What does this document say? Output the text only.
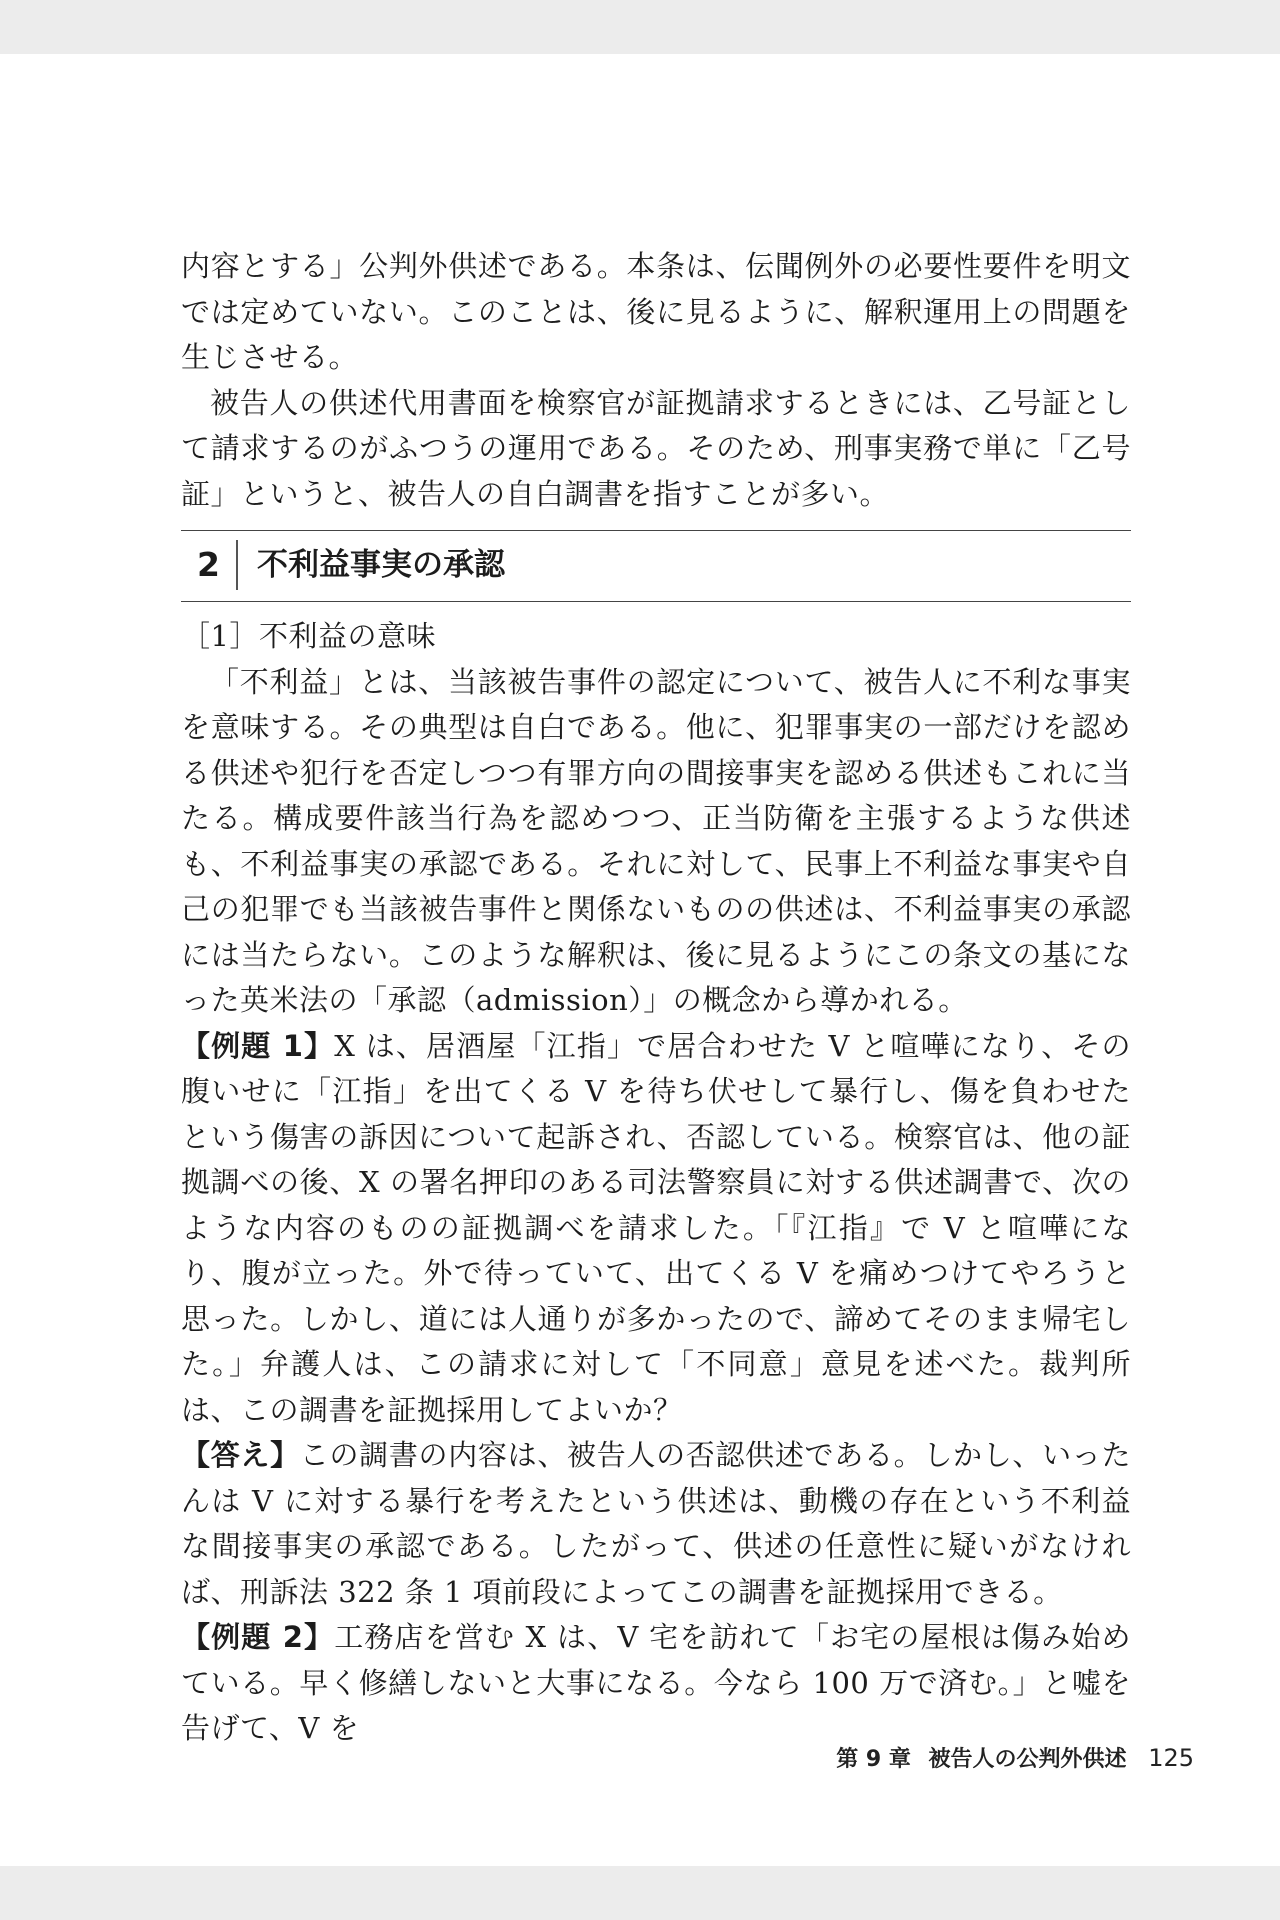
内容とする」公判外供述である。本条は、伝聞例外の必要性要件を明文では定めていない。このことは、後に見るように、解釈運用上の問題を生じさせる。

被告人の供述代用書面を検察官が証拠請求するときには、乙号証として請求するのがふつうの運用である。そのため、刑事実務で単に「乙号証」というと、被告人の自白調書を指すことが多い。

2	不利益事実の承認

［1］不利益の意味

「不利益」とは、当該被告事件の認定について、被告人に不利な事実を意味する。その典型は自白である。他に、犯罪事実の一部だけを認める供述や犯行を否定しつつ有罪方向の間接事実を認める供述もこれに当たる。構成要件該当行為を認めつつ、正当防衛を主張するような供述も、不利益事実の承認である。それに対して、民事上不利益な事実や自己の犯罪でも当該被告事件と関係ないものの供述は、不利益事実の承認には当たらない。このような解釈は、後に見るようにこの条文の基になった英米法の「承認（admission）」の概念から導かれる。

【例題 1】X は、居酒屋「江指」で居合わせた V と喧嘩になり、その腹いせに「江指」を出てくる V を待ち伏せして暴行し、傷を負わせたという傷害の訴因について起訴され、否認している。検察官は、他の証拠調べの後、X の署名押印のある司法警察員に対する供述調書で、次のような内容のものの証拠調べを請求した。「『江指』で V と喧嘩になり、腹が立った。外で待っていて、出てくる V を痛めつけてやろうと思った。しかし、道には人通りが多かったので、諦めてそのまま帰宅した。」弁護人は、この請求に対して「不同意」意見を述べた。裁判所は、この調書を証拠採用してよいか？

【答え】この調書の内容は、被告人の否認供述である。しかし、いったんは V に対する暴行を考えたという供述は、動機の存在という不利益な間接事実の承認である。したがって、供述の任意性に疑いがなければ、刑訴法 322 条 1 項前段によってこの調書を証拠採用できる。

【例題 2】工務店を営む X は、V 宅を訪れて「お宅の屋根は傷み始めている。早く修繕しないと大事になる。今なら 100 万で済む。」と嘘を告げて、V を

第 9 章 被告人の公判外供述 125
